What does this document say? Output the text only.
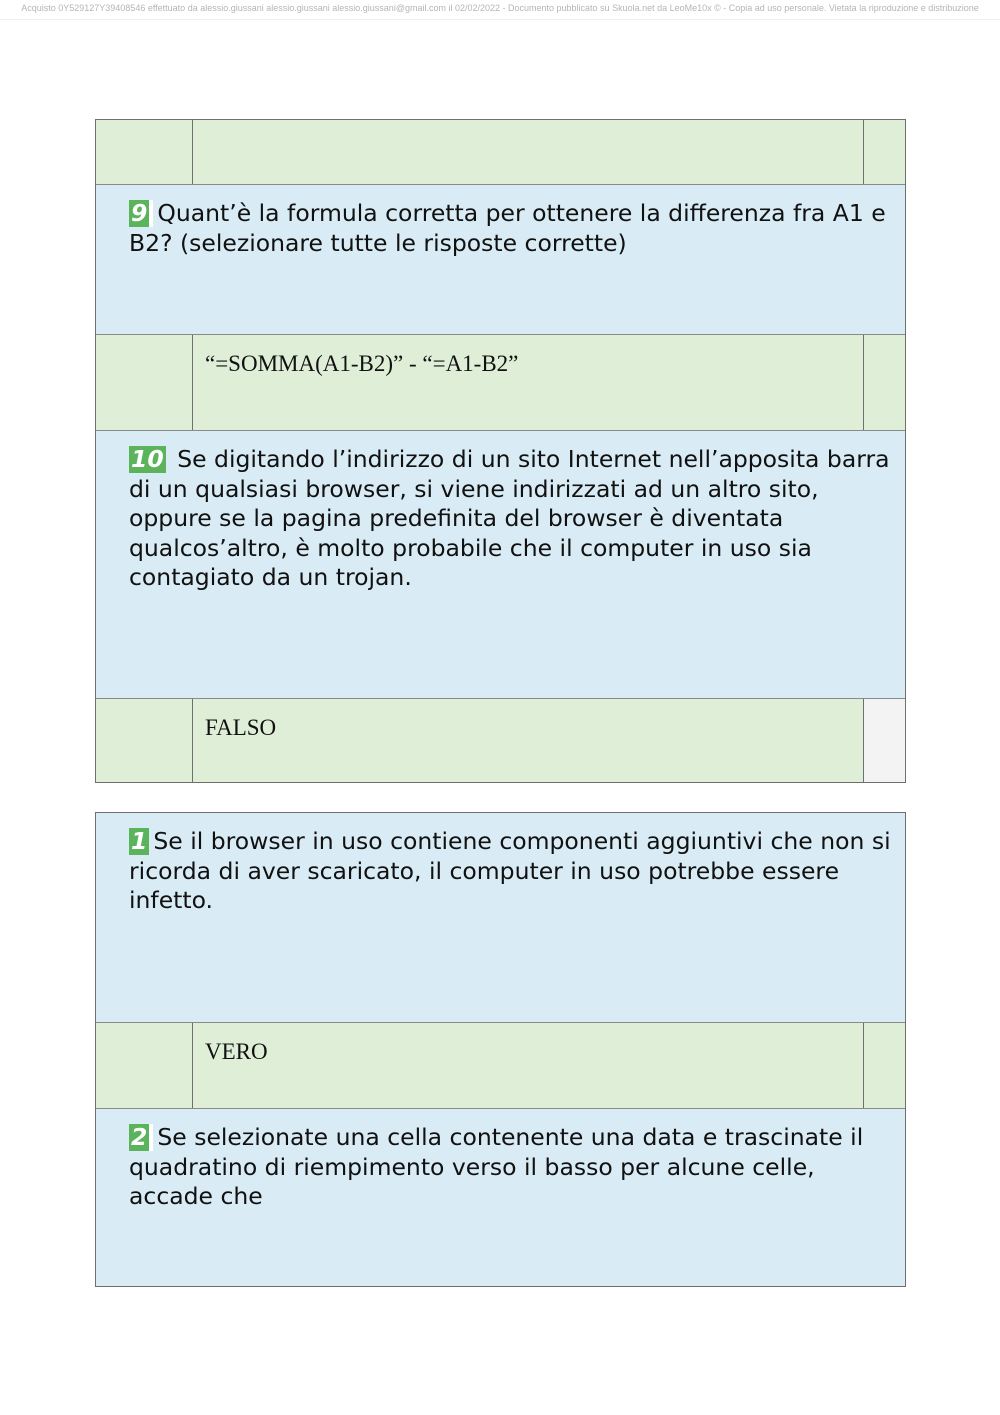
Acquisto 0Y529127Y39408546 effettuato da alessio.giussani alessio.giussani alessio.giussani@gmail.com il 02/02/2022 - Documento pubblicato su Skuola.net da LeoMe10x © - Copia ad uso personale. Vietata la riproduzione e distribuzione
9 Quant’è la formula corretta per ottenere la differenza fra A1 e B2? (selezionare tutte le risposte corrette)
“=SOMMA(A1-B2)” - “=A1-B2”
10 Se digitando l’indirizzo di un sito Internet nell’apposita barra di un qualsiasi browser, si viene indirizzati ad un altro sito, oppure se la pagina predefinita del browser è diventata qualcos’altro, è molto probabile che il computer in uso sia contagiato da un trojan.
FALSO
1 Se il browser in uso contiene componenti aggiuntivi che non si ricorda di aver scaricato, il computer in uso potrebbe essere infetto.
VERO
2 Se selezionate una cella contenente una data e trascinate il quadratino di riempimento verso il basso per alcune celle, accade che
